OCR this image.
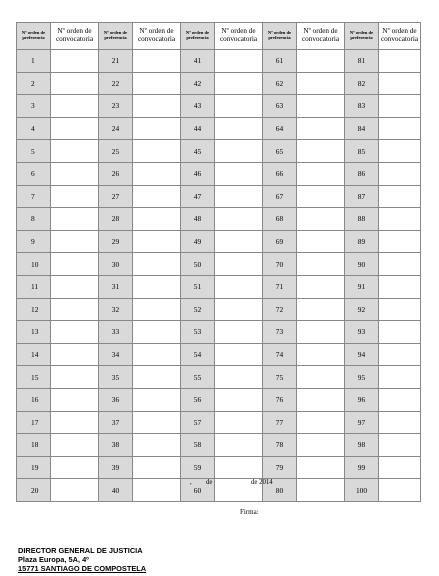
Nº orden de preferencia	Nº orden de convocatoria	Nº orden de preferencia	Nº orden de convocatoria	Nº orden de preferencia	Nº orden de convocatoria	Nº orden de preferencia	Nº orden de convocatoria	Nº orden de preferencia	Nº orden de convocatoria
1		21		41		61		81	
2		22		42		62		82	
3		23		43		63		83	
4		24		44		64		84	
5		25		45		65		85	
6		26		46		66		86	
7		27		47		67		87	
8		28		48		68		88	
9		29		49		69		89	
10		30		50		70		90	
11		31		51		71		91	
12		32		52		72		92	
13		33		53		73		93	
14		34		54		74		94	
15		35		55		75		95	
16		36		56		76		96	
17		37		57		77		97	
18		38		58		78		98	
19		39		59		79		99	
20		40		60		80		100	
, de	de 2014
Firma:
DIRECTOR GENERAL DE JUSTICIA
Plaza Europa, 5A, 4º
15771 SANTIAGO DE COMPOSTELA
